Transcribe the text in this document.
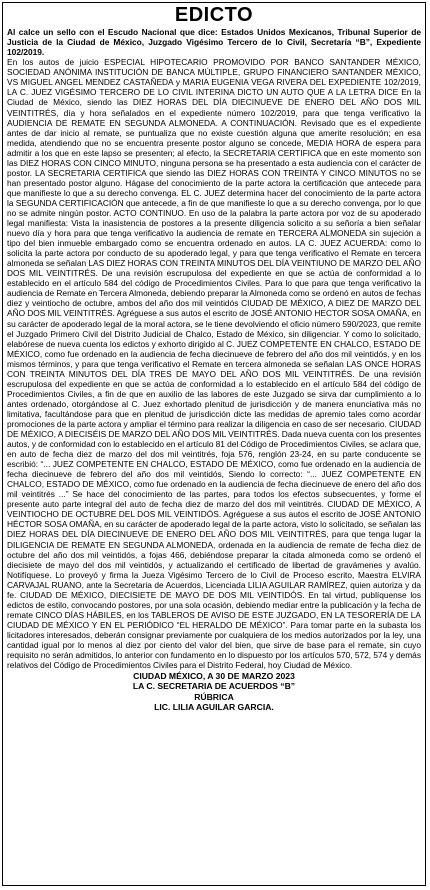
EDICTO

Al calce un sello con el Escudo Nacional que dice: Estados Unidos Mexicanos, Tribunal Superior de Justicia de la Ciudad de México, Juzgado Vigésimo Tercero de lo Civil, Secretaría “B”, Expediente 102/2019.

En los autos de juicio ESPECIAL HIPOTECARIO PROMOVIDO POR BANCO SANTANDER MÉXICO, SOCIEDAD ANÓNIMA INSTITUCIÓN DE BANCA MÚLTIPLE, GRUPO FINANCIERO SANTANDER MÉXICO, VS MIGUEL ANGEL MENDEZ CASTAÑEDA y MARIA EUGENIA VEGA RIVERA DEL EXPEDIENTE 102/2019, LA C. JUEZ VIGÉSIMO TERCERO DE LO CIVIL INTERINA DICTO UN AUTO QUE A LA LETRA DICE En la Ciudad de México, siendo las DIEZ HORAS DEL DÍA DIECINUEVE DE ENERO DEL AÑO DOS MIL VEINTITRÉS, día y hora señalados en el expediente número 102/2019, para que tenga verificativo la AUDIENCIA DE REMATE EN SEGUNDA ALMONEDA. A CONTINUACIÓN. Revisado que es el expediente antes de dar inicio al remate, se puntualiza que no existe cuestión alguna que amerite resolución; en esa medida, atendiendo que no se encuentra presente postor alguno se concede, MEDIA HORA de espera para admitir a los que en este lapso se presenten; al efecto, la SECRETARIA CERTIFICA que en este momento son las DIEZ HORAS CON CINCO MINUTO, ninguna persona se ha presentado a esta audiencia con el carácter de postor. LA SECRETARIA CERTIFICA que siendo las DIEZ HORAS CON TREINTA Y CINCO MINUTOS no se han presentado postor alguno. Hágase del conocimiento de la parte actora la certificación que antecede para que manifieste lo que a su derecho convenga. EL C. JUEZ determina hacer del conocimiento de la parte actora la SEGUNDA CERTIFICACIÓN que antecede, a fin de que manifieste lo que a su derecho convenga, por lo que no se admite ningún postor. ACTO CONTINUO. En uso de la palabra la parte actora por voz de su apoderado legal manifiesta: Vista la inasistencia de postores a la presente diligencia solicito a su señoría a bien señalar nuevo día y hora para que tenga verificativo la audiencia de remate en TERCERA ALMONEDA sin sujeción a tipo del bien inmueble embargado como se encuentra ordenado en autos. LA C. JUEZ ACUERDA: como lo solicita la parte actora por conducto de su apoderado legal, y para que tenga verificativo el Remate en tercera almoneda se señalan LAS DIEZ HORAS CON TREINTA MINUTOS DEL DÍA VEINTIUNO DE MARZO DEL AÑO DOS MIL VEINTITRÉS. De una revisión escrupulosa del expediente en que se actúa de conformidad a lo establecido en el artículo 584 del código de Procedimientos Civiles. Para lo que para que tenga verificativo la audiencia de Remate en Tercera Almoneda, debiendo preparar la Almoneda como se ordenó en autos de fechas diez y veintiocho de octubre, ambos del año dos mil veintidós CIUDAD DE MÉXICO, A DIEZ DE MARZO DEL AÑO DOS MIL VEINTITRÉS. Agréguese a sus autos el escrito de JOSÉ ANTONIO HECTOR SOSA OMAÑA, en su carácter de apoderado legal de la moral actora, se le tiene devolviendo el oficio número 590/2023, que remite el Juzgado Primero Civil del Distrito Judicial de Chalco, Estado de México, sin diligenciar. Y como lo solicitado, elabórese de nueva cuenta los edictos y exhorto dirigido al C. JUEZ COMPETENTE EN CHALCO, ESTADO DE MÉXICO, como fue ordenado en la audiencia de fecha diecinueve de febrero del año dos mil veintidós, y en los mismos términos, y para que tenga verificativo el Remate en tercera almoneda se señalan LAS ONCE HORAS CON TREINTA MINUTOS DEL DÍA TRES DE MAYO DEL AÑO DOS MIL VEINTITRÉS. De una revisión escrupulosa del expediente en que se actúa de conformidad a lo establecido en el artículo 584 del código de Procedimientos Civiles, a fin de que en auxilio de las labores de este Juzgado se sirva dar cumplimiento a lo antes ordenado, otorgándose al C. Juez exhortado plenitud de jurisdicción y de manera enunciativa más no limitativa, facultándose para que en plenitud de jurisdicción dicte las medidas de apremio tales como acordar promociones de la parte actora y ampliar el término para realizar la diligencia en caso de ser necesario. CIUDAD DE MÉXICO, A DIECISÉIS DE MARZO DEL AÑO DOS MIL VEINTITRÉS. Dada nueva cuenta con los presentes autos, y de conformidad con lo establecido en el artículo 81 del Código de Procedimientos Civiles, se aclara que, en auto de fecha diez de marzo del dos mil veintitrés, foja 576, renglón 23-24, en su parte conducente se escribió: “... JUEZ COMPETENTE EN CHALCO, ESTADO DE MÉXICO, como fue ordenado en la audiencia de fecha diecinueve de febrero del año dos mil veintidós, Siendo lo correcto: “... JUEZ COMPETENTE EN CHALCO, ESTADO DE MÉXICO, como fue ordenado en la audiencia de fecha diecinueve de enero del año dos mil veintitrés ...” Se hace del conocimiento de las partes, para todos los efectos subsecuentes, y forme el presente auto parte integral del auto de fecha diez de marzo del dos mil veintitrés. CIUDAD DE MÉXICO, A VEINTIOCHO DE OCTUBRE DEL DOS MIL VEINTIDÓS. Agréguese a sus autos el escrito de JOSÉ ANTONIO HÉCTOR SOSA OMAÑA, en su carácter de apoderado legal de la parte actora, visto lo solicitado, se señalan las DIEZ HORAS DEL DÍA DIECINUEVE DE ENERO DEL AÑO DOS MIL VEINTITRÉS, para que tenga lugar la DILIGENCIA DE REMATE EN SEGUNDA ALMONEDA, ordenada en la audiencia de remate de fecha diez de octubre del año dos mil veintidós, a fojas 466, debiéndose preparar la citada almoneda como se ordenó el diecisiete de mayo del dos mil veintidós, y actualizando el certificado de libertad de gravámenes y avalúo. Notifíquese. Lo proveyó y firma la Jueza Vigésimo Tercero de lo Civil de Proceso escrito, Maestra ELVIRA CARVAJAL RUANO, ante la Secretaria de Acuerdos, Licenciada LILIA AGUILAR RAMÍREZ, quien autoriza y da fe. CIUDAD DE MÉXICO, DIECISIETE DE MAYO DE DOS MIL VEINTIDÓS. En tal virtud, publíquense los edictos de estilo, convocando postores, por una sola ocasión, debiendo mediar entre la publicación y la fecha de remate CINCO DÍAS HÁBILES, en los TABLEROS DE AVISO DE ESTE JUZGADO, EN LA TESORERÍA DE LA CIUDAD DE MÉXICO Y EN EL PERIÓDICO “EL HERALDO DE MÉXICO”. Para tomar parte en la subasta los licitadores interesados, deberán consignar previamente por cualquiera de los medios autorizados por la ley, una cantidad igual por lo menos al diez por ciento del valor del bien, que sirve de base para el remate, sin cuyo requisito no serán admitidos, lo anterior con fundamento en lo dispuesto por los artículos 570, 572, 574 y demás relativos del Código de Procedimientos Civiles para el Distrito Federal, hoy Ciudad de México.

CIUDAD MÉXICO, A 30 DE MARZO 2023
LA C. SECRETARIA DE ACUERDOS “B”
RÚBRICA
LIC. LILIA AGUILAR GARCIA.
